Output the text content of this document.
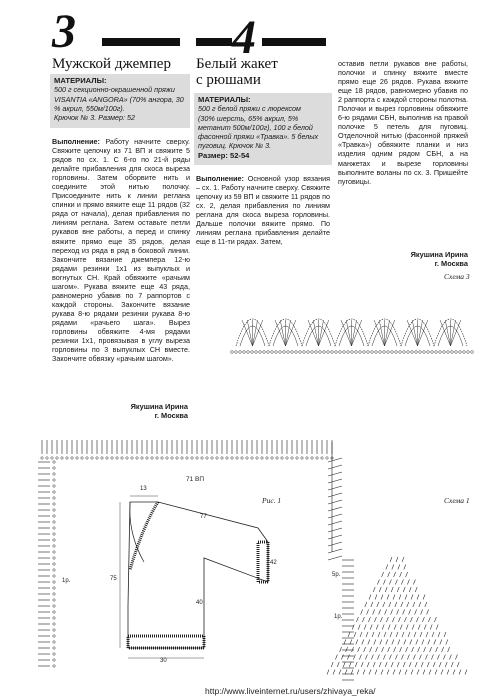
3
Мужской джемпер
МАТЕРИАЛЫ:
500 г секционно-окрашенной пряжи
VISANTIA «ANGORA» (70% ангора, 30 % акрил, 550м/100г).
Крючок № 3. Размер: 52

Выполнение: Работу начните сверху. Свяжите цепочку из 71 ВП и свяжите 5 рядов по сх. 1. С 6-го по 21-й ряды делайте прибавления для скоса выреза горловины. Затем оборвите нить и соедините этой нитью полочку. Присоедините нить к линии реглана спинки и прямо вяжите еще 11 рядов (32 ряда от начала), делая прибавления по линиям реглана. Затем оставьте петли рукавов вне работы, а перед и спинку вяжите прямо еще 35 рядов, делая переход из ряда в ряд в боковой линии. Закончите вязание джемпера 12-ю рядами резинки 1х1 из выпуклых и вогнутых СН. Край обвяжите «рачьим шагом». Рукава вяжите еще 43 ряда, равномерно убавив по 7 раппортов с каждой стороны. Закончите вязание рукава 8-ю рядами резинки рукава 8-ю рядами «рачьего шага». Вырез горловины обвяжите 4-мя рядами резинки 1х1, провязывая в углу выреза горловины по 3 выпуклых СН вместе. Закончите обвязку «рачьим шагом».

Якушина Ирина
г. Москва
4
Белый жакет
с рюшами
МАТЕРИАЛЫ:
500 г белой пряжи с люрексом
(30% шерсть, 65% акрил, 5% метанит 500м/100г), 100 г белой
фасонной пряжи «Травка». 5 белых пуговиц. Крючок № 3.
Размер: 52-54

Выполнение: Основной узор вязания – сх. 1. Работу начните сверху. Свяжите цепочку из 59 ВП и свяжите 11 рядов по сх. 2, делая прибавления по линиям реглана для скоса выреза горловины. Дальше полочки вяжите прямо. По линиям реглана прибавления делайте еще в 11-ти рядах. Затем,

оставив петли рукавов вне работы, полочки и спинку вяжите вместе прямо еще 26 рядов. Рукава вяжите еще 18 рядов, равномерно убавив по 2 раппорта с каждой стороны полотна. Полочки и вырез горловины обвяжите 6-ю рядами СБН, выполнив на правой полочке 5 петель для пуговиц. Отделочной нитью (фасонной пряжей «Травка») обвяжите планки и низ изделия одним рядом СБН, а на манжетах и вырезе горловины выполните воланы по сх. 3. Пришейте пуговицы.

Якушина Ирина
г. Москва
Схема 3
Рис. 1	Схема 1
71 ВП
13
77
75
42
40
30
1р.
5р.
1р.
http://www.liveinternet.ru/users/zhivaya_reka/
